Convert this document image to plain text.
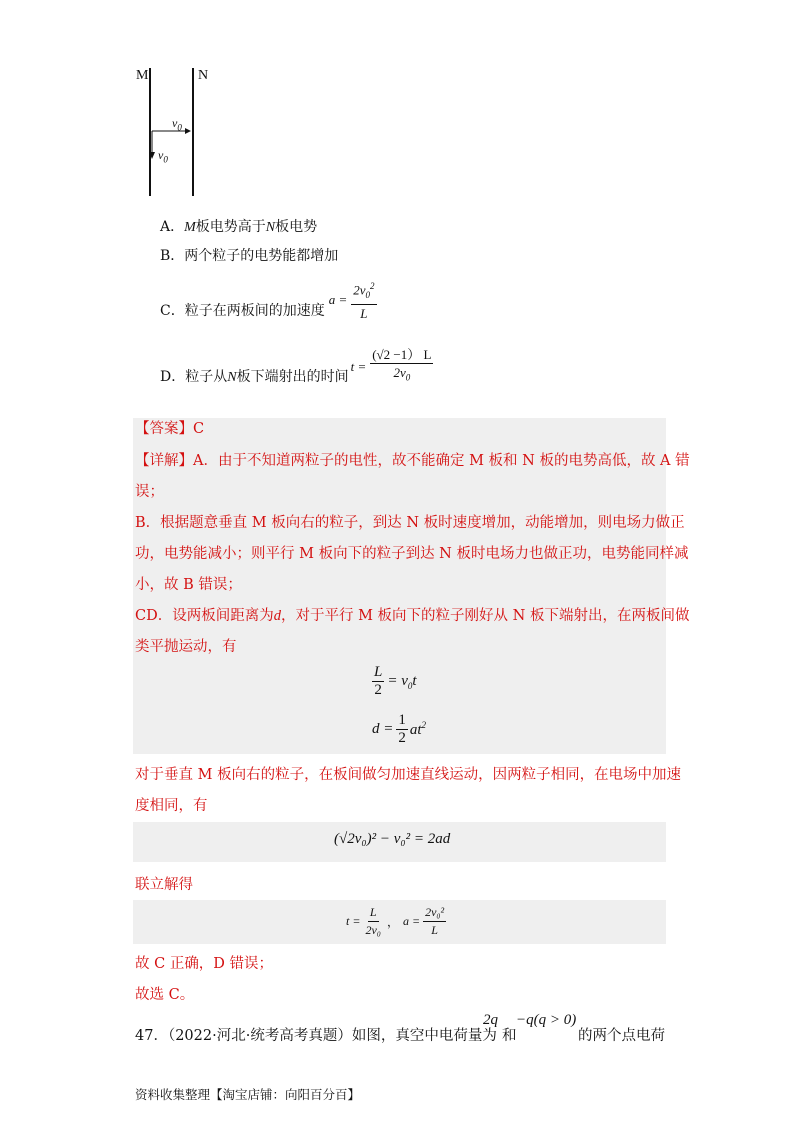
M	N
$v_0$
$v_0$
A．M板电势高于N板电势
B．两个粒子的电势能都增加
C．粒子在两板间的加速度
$a = \frac{2v_0^2}{L}$
D．粒子从N板下端射出的时间
$t = \frac{(√2 -1) L}{2v_0}$
【答案】C
【详解】A．由于不知道两粒子的电性，故不能确定 M 板和 N 板的电势高低，故 A 错
误；
B．根据题意垂直 M 板向右的粒子，到达 N 板时速度增加，动能增加，则电场力做正
功，电势能减小；则平行 M 板向下的粒子到达 N 板时电场力也做正功，电势能同样减
小，故 B 错误；
CD．设两板间距离为d，对于平行 M 板向下的粒子刚好从 N 板下端射出，在两板间做
类平抛运动，有
$\frac{L}{2} = v_0t$
$d = \frac{1}{2} at^2$
对于垂直 M 板向右的粒子，在板间做匀加速直线运动，因两粒子相同，在电场中加速
度相同，有
(√2v₀)² − v₀² = 2ad
联立解得
$t = \frac{L}{\text{2v₀}}$ ， $a = \frac{\text{2v₀²}}{L}$
故 C 正确，D 错误；
故选 C。
47．（2022·河北·统考高考真题）如图，真空中电荷量为
2q
和
−q(q > 0)
的两个点电荷
资料收集整理【淘宝店铺：向阳百分百】
